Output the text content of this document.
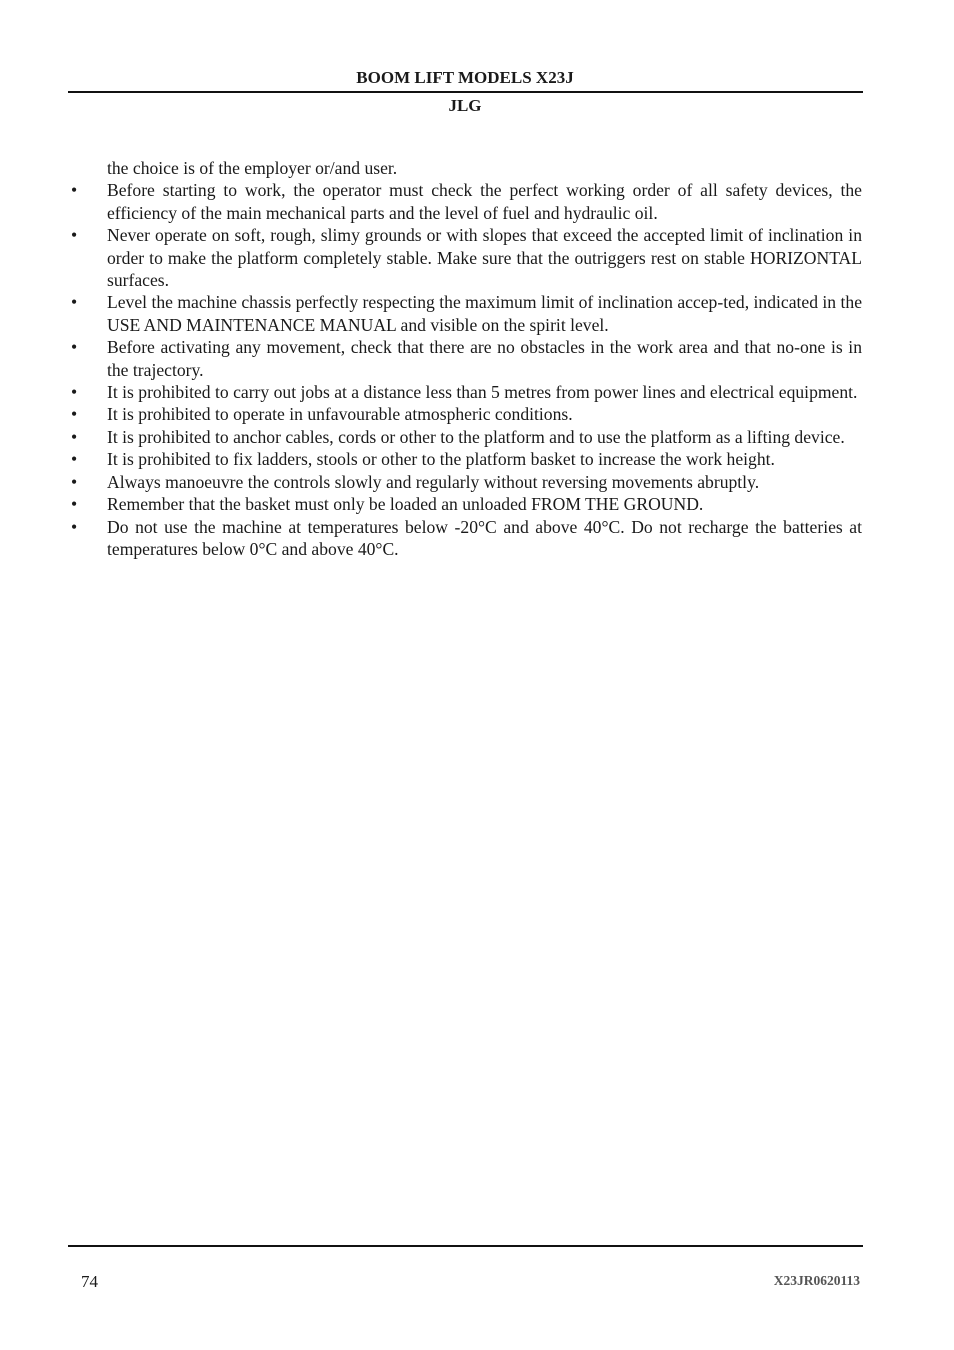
BOOM LIFT MODELS X23J
JLG

the choice is of the employer or/and user.

• Before starting to work, the operator must check the perfect working order of all safety devices, the efficiency of the main mechanical parts and the level of fuel and hydraulic oil.
• Never operate on soft, rough, slimy grounds or with slopes that exceed the accepted limit of inclination in order to make the platform completely stable. Make sure that the outriggers rest on stable HORIZONTAL surfaces.
• Level the machine chassis perfectly respecting the maximum limit of inclination accep-ted, indicated in the USE AND MAINTENANCE MANUAL and visible on the spirit level.
• Before activating any movement, check that there are no obstacles in the work area and that no-one is in the trajectory.
• It is prohibited to carry out jobs at a distance less than 5 metres from power lines and electrical equipment.
• It is prohibited to operate in unfavourable atmospheric conditions.
• It is prohibited to anchor cables, cords or other to the platform and to use the platform as a lifting device.
• It is prohibited to fix ladders, stools or other to the platform basket to increase the work height.
• Always manoeuvre the controls slowly and regularly without reversing movements abruptly.
• Remember that the basket must only be loaded an unloaded FROM THE GROUND.
• Do not use the machine at temperatures below -20°C and above 40°C. Do not recharge the batteries at temperatures below 0°C and above 40°C.
74	X23JR0620113
